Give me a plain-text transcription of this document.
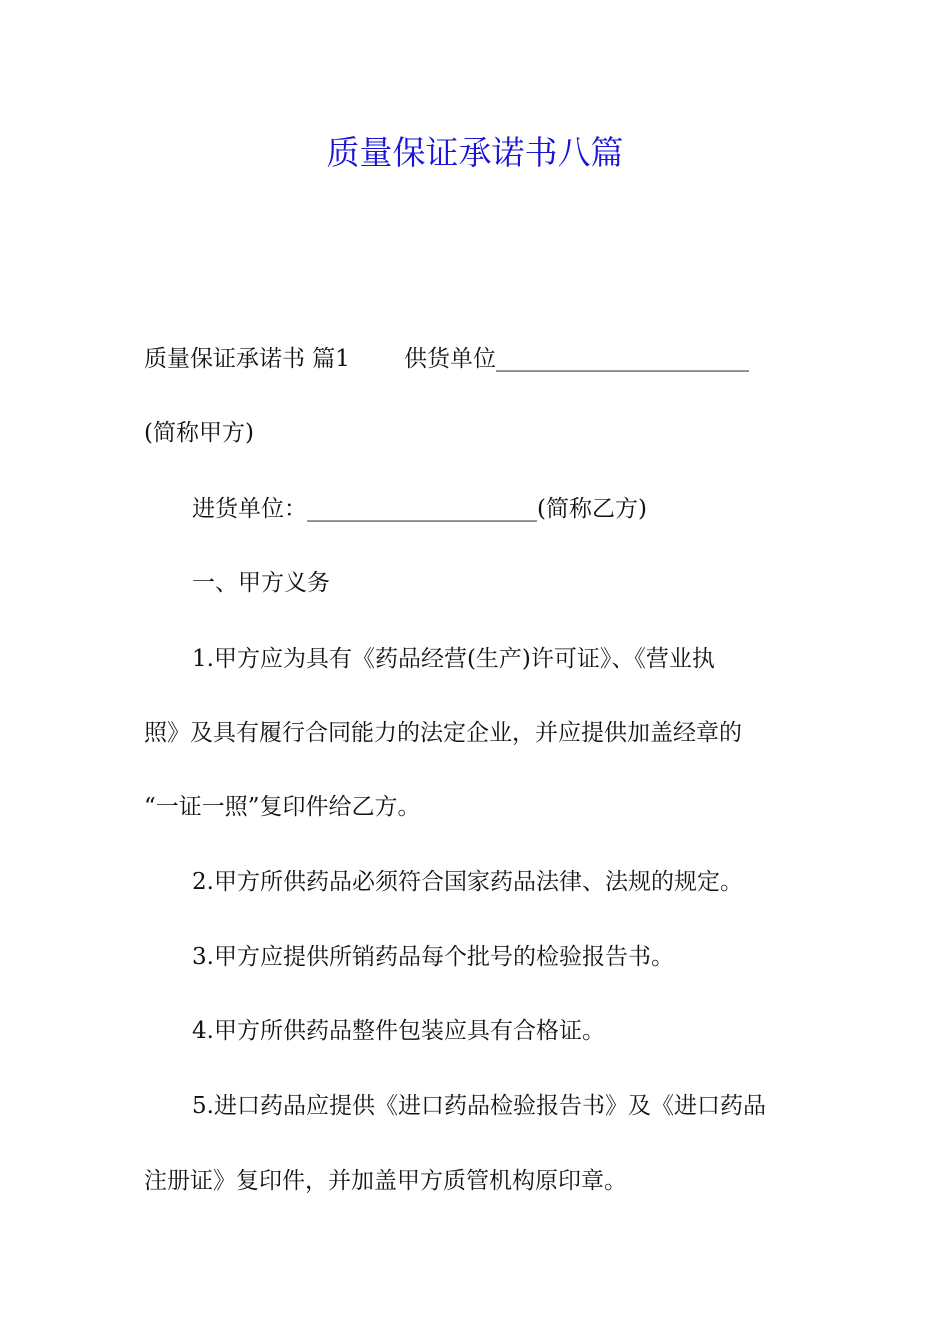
质量保证承诺书八篇
质量保证承诺书 篇1 供货单位______________________
(简称甲方)
进货单位：____________________(简称乙方)
一、甲方义务
1.甲方应为具有《药品经营(生产)许可证》、《营业执
照》及具有履行合同能力的法定企业，并应提供加盖经章的
“一证一照”复印件给乙方。
2.甲方所供药品必须符合国家药品法律、法规的规定。
3.甲方应提供所销药品每个批号的检验报告书。
4.甲方所供药品整件包装应具有合格证。
5.进口药品应提供《进口药品检验报告书》及《进口药品
注册证》复印件，并加盖甲方质管机构原印章。
